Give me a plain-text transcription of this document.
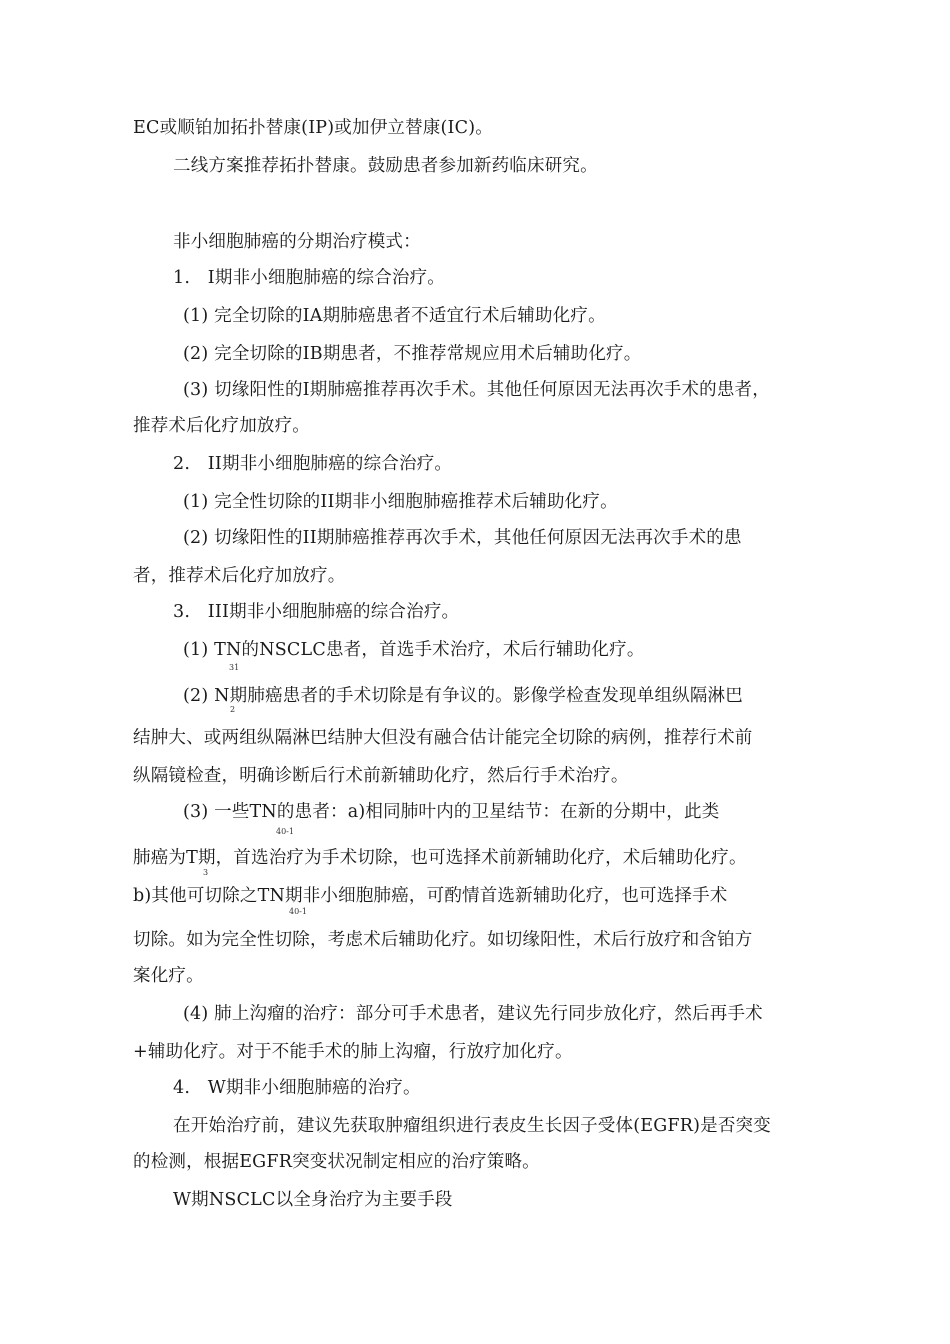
EC或顺铂加拓扑替康(IP)或加伊立替康(IC)。
二线方案推荐拓扑替康。鼓励患者参加新药临床研究。
非小细胞肺癌的分期治疗模式：
1.　I期非小细胞肺癌的综合治疗。
(1) 完全切除的IA期肺癌患者不适宜行术后辅助化疗。
(2) 完全切除的IB期患者，不推荐常规应用术后辅助化疗。
(3) 切缘阳性的I期肺癌推荐再次手术。其他任何原因无法再次手术的患者，
推荐术后化疗加放疗。
2.　II期非小细胞肺癌的综合治疗。
(1) 完全性切除的II期非小细胞肺癌推荐术后辅助化疗。
(2) 切缘阳性的II期肺癌推荐再次手术，其他任何原因无法再次手术的患
者，推荐术后化疗加放疗。
3.　III期非小细胞肺癌的综合治疗。
(1) TN的NSCLC患者，首选手术治疗，术后行辅助化疗。
31
(2) N期肺癌患者的手术切除是有争议的。影像学检查发现单组纵隔淋巴
2
结肿大、或两组纵隔淋巴结肿大但没有融合估计能完全切除的病例，推荐行术前
纵隔镜检查，明确诊断后行术前新辅助化疗，然后行手术治疗。
(3) 一些TN的患者：a)相同肺叶内的卫星结节：在新的分期中，此类
40-1
肺癌为T期，首选治疗为手术切除，也可选择术前新辅助化疗，术后辅助化疗。
3
b)其他可切除之TN期非小细胞肺癌，可酌情首选新辅助化疗，也可选择手术
40-1
切除。如为完全性切除，考虑术后辅助化疗。如切缘阳性，术后行放疗和含铂方
案化疗。
(4) 肺上沟瘤的治疗：部分可手术患者，建议先行同步放化疗，然后再手术
+辅助化疗。对于不能手术的肺上沟瘤，行放疗加化疗。
4.　W期非小细胞肺癌的治疗。
在开始治疗前，建议先获取肿瘤组织进行表皮生长因子受体(EGFR)是否突变
的检测，根据EGFR突变状况制定相应的治疗策略。
W期NSCLC以全身治疗为主要手段
